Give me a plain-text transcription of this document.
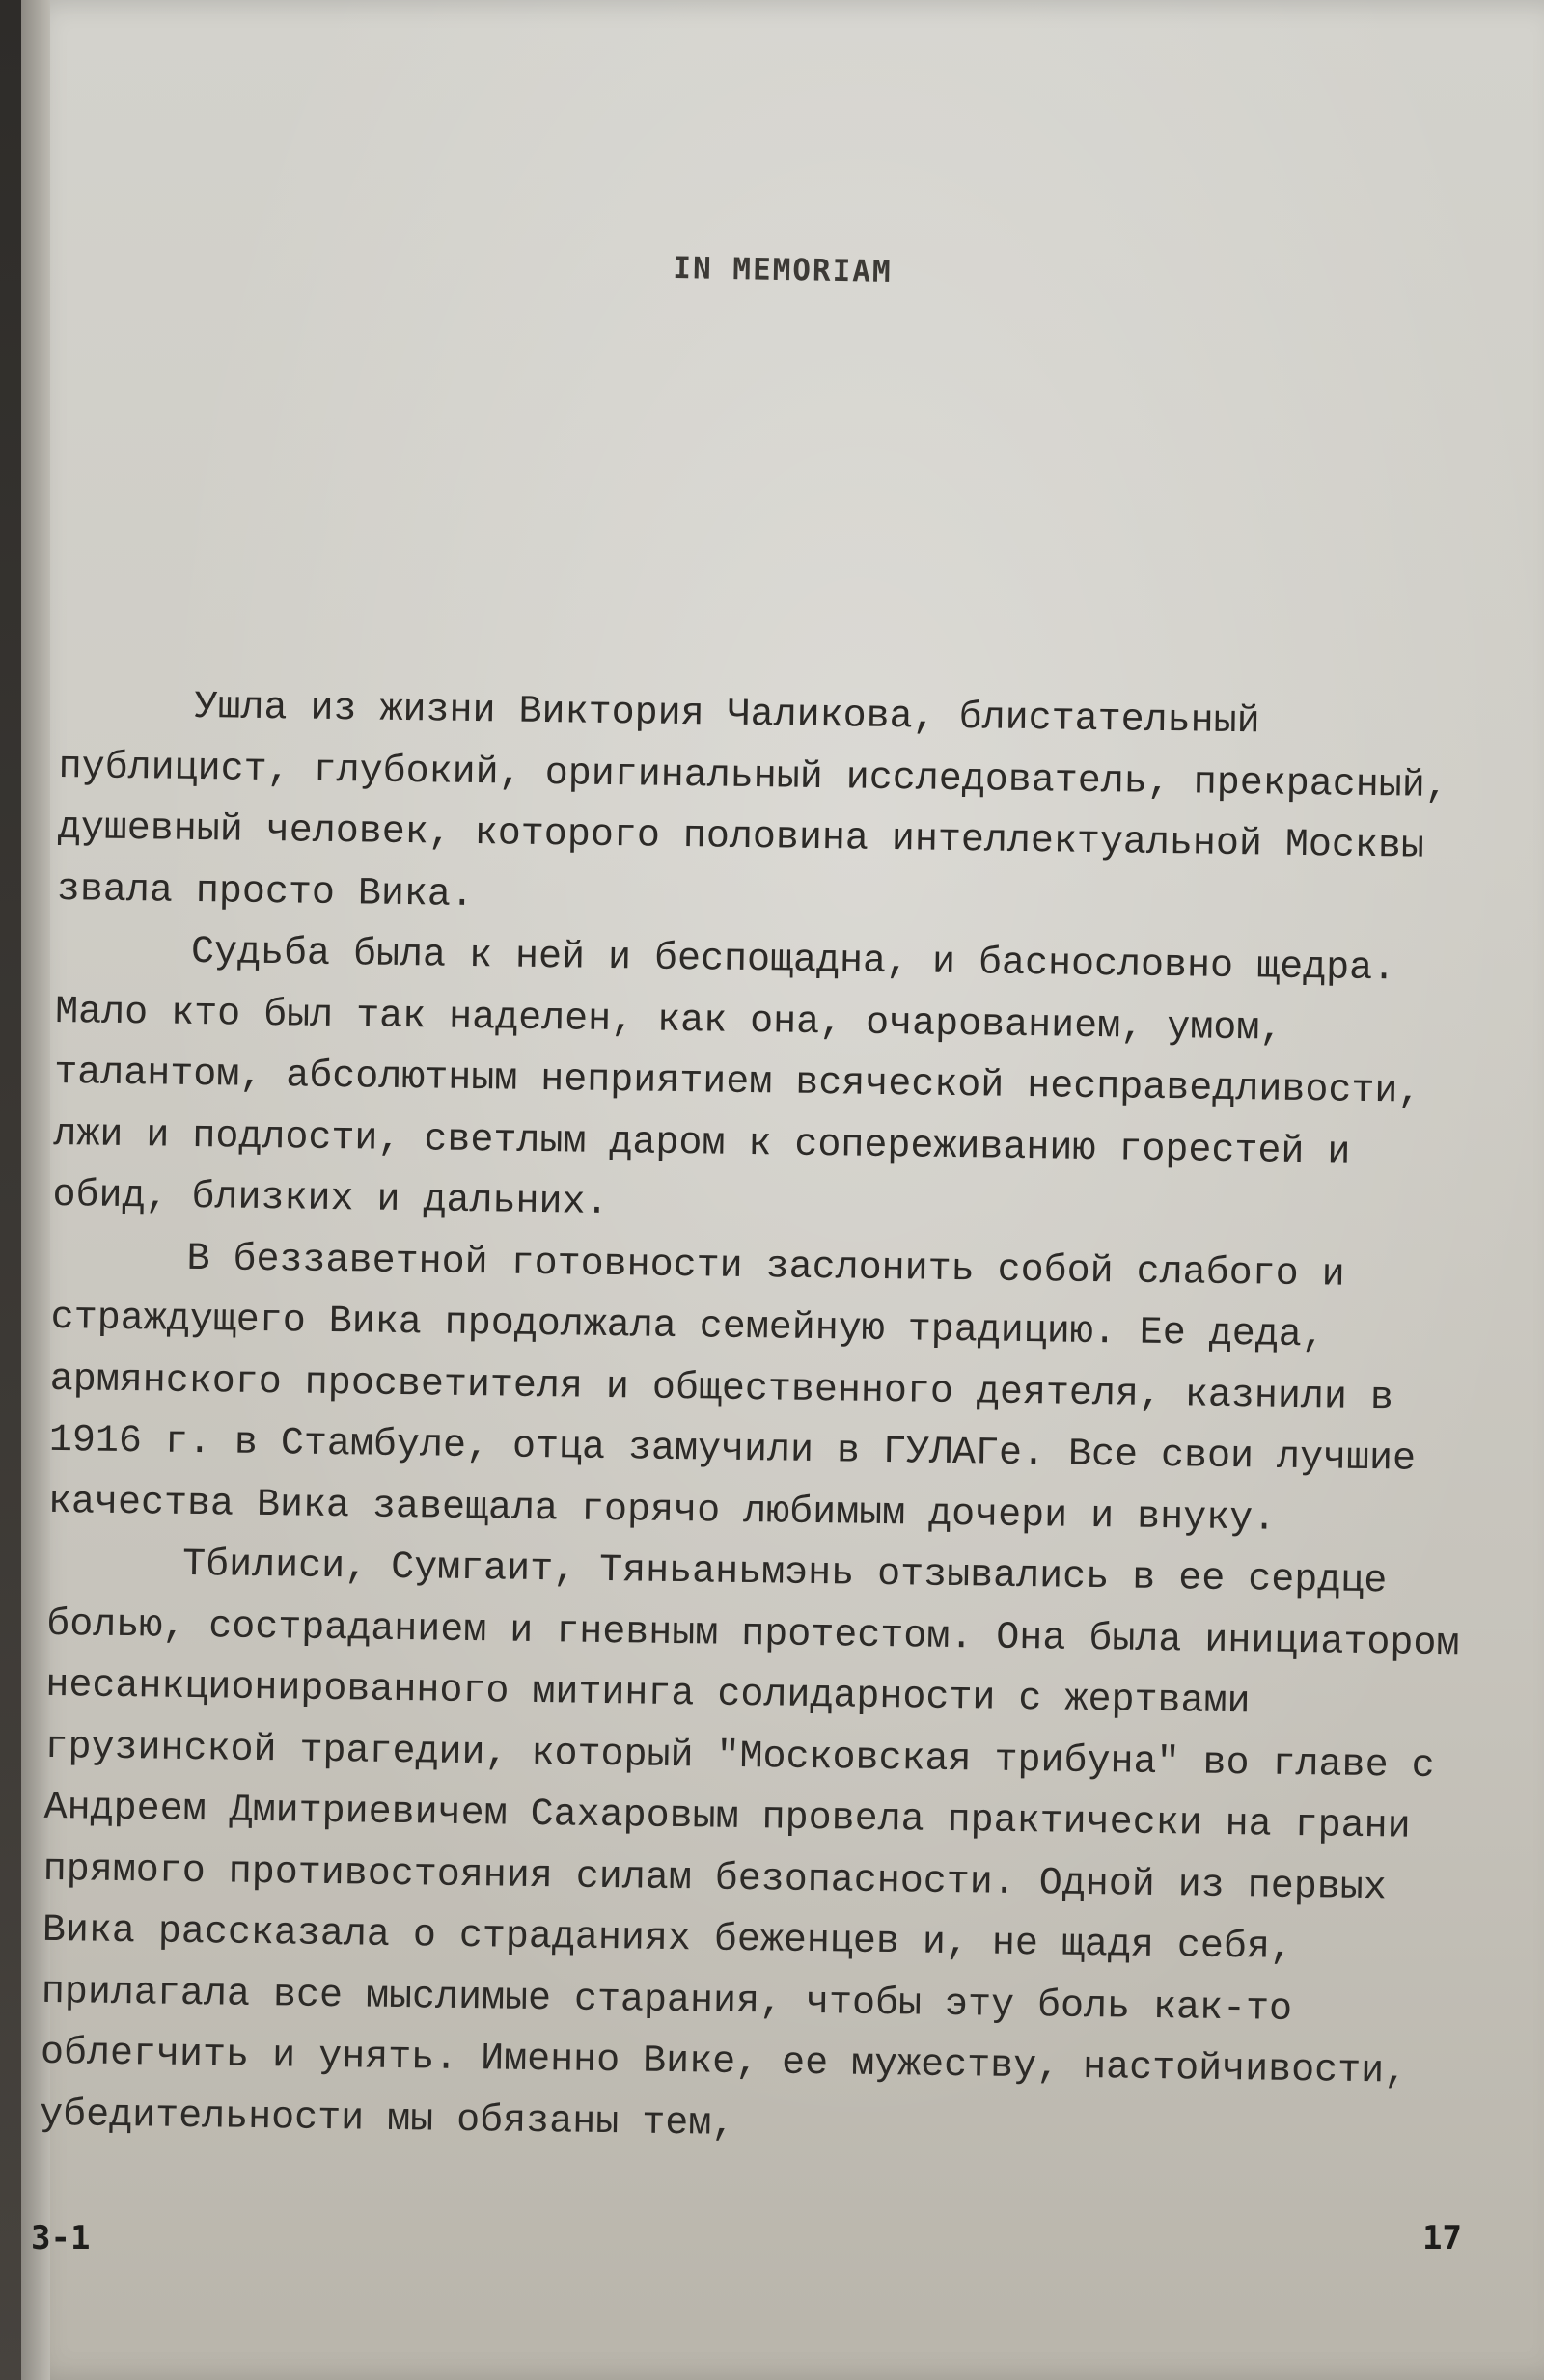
IN MEMORIAM

Ушла из жизни Виктория Чаликова, блистательный публицист, глубокий, оригинальный исследователь, прекрасный, душевный человек, которого половина интеллектуальной Москвы звала просто Вика.

Судьба была к ней и беспощадна, и баснословно щедра. Мало кто был так наделен, как она, очарованием, умом, талантом, абсолютным неприятием всяческой несправедливости, лжи и подлости, светлым даром к сопереживанию горестей и обид, близких и дальних.

В беззаветной готовности заслонить собой слабого и страждущего Вика продолжала семейную традицию. Ее деда, армянского просветителя и общественного деятеля, казнили в 1916 г. в Стамбуле, отца замучили в ГУЛАГе. Все свои лучшие качества Вика завещала горячо любимым дочери и внуку.

Тбилиси, Сумгаит, Тяньаньмэнь отзывались в ее сердце болью, состраданием и гневным протестом. Она была инициатором несанкционированного митинга солидарности с жертвами грузинской трагедии, который "Московская трибуна" во главе с Андреем Дмитриевичем Сахаровым провела практически на грани прямого противостояния силам безопасности. Одной из первых Вика рассказала о страданиях беженцев и, не щадя себя, прилагала все мыслимые старания, чтобы эту боль как-то облегчить и унять. Именно Вике, ее мужеству, настойчивости, убедительности мы обязаны тем,

3-1	17
